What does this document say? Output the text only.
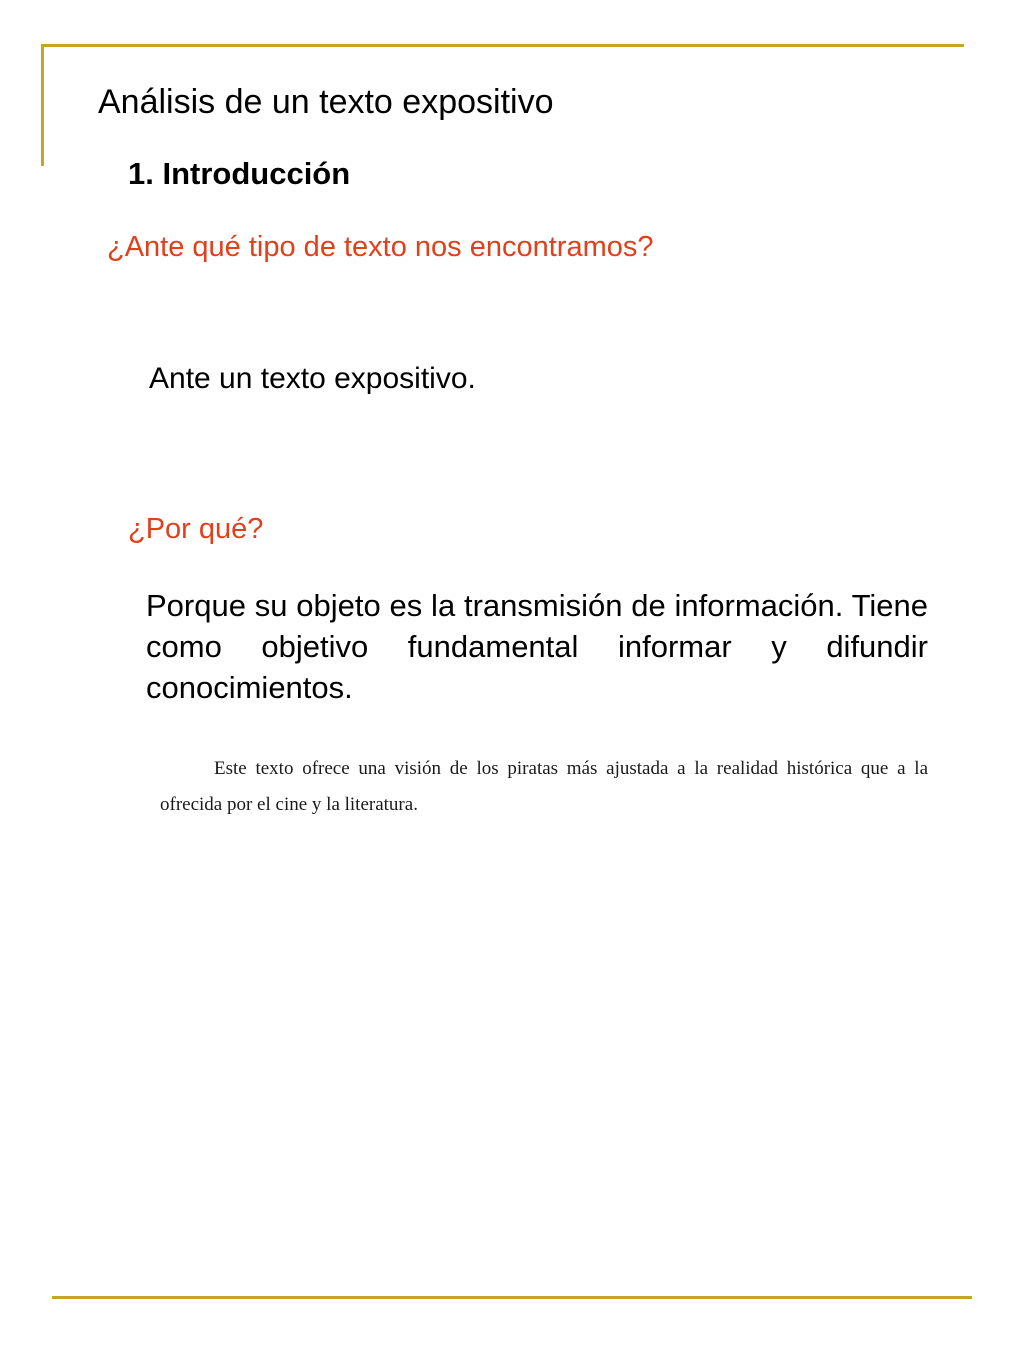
Análisis de un texto expositivo
1. Introducción
¿Ante qué tipo de texto nos encontramos?
Ante un texto expositivo.
¿Por qué?
Porque su objeto es la transmisión de información. Tiene como objetivo fundamental informar y difundir conocimientos.
Este texto ofrece una visión de los piratas más ajustada a la realidad histórica que a la ofrecida por el cine y la literatura.
